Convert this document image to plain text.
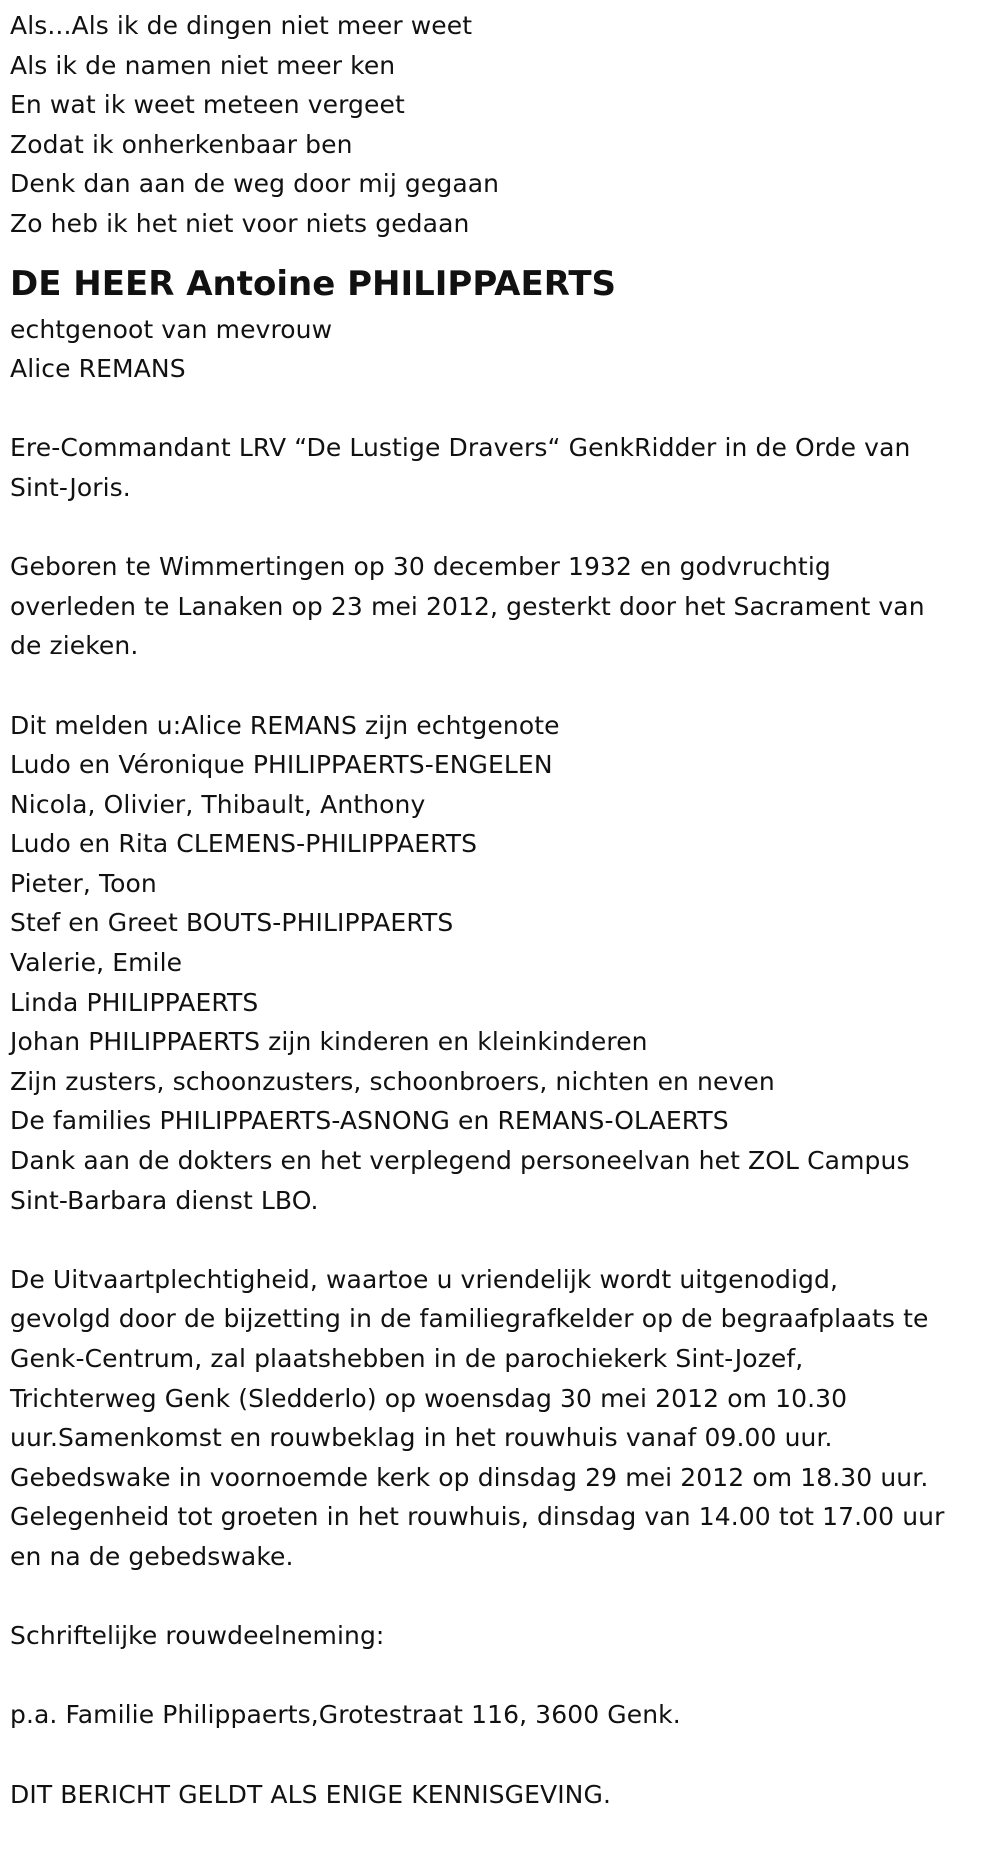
Als...Als ik de dingen niet meer weet

Als ik de namen niet meer ken

En wat ik weet meteen vergeet

Zodat ik onherkenbaar ben

Denk dan aan de weg door mij gegaan

Zo heb ik het niet voor niets gedaan

DE HEER Antoine PHILIPPAERTS

echtgenoot van mevrouw

Alice REMANS

Ere-Commandant LRV “De Lustige Dravers“ GenkRidder in de Orde van

Sint-Joris.

Geboren te Wimmertingen op 30 december 1932 en godvruchtig

overleden te Lanaken op 23 mei 2012, gesterkt door het Sacrament van

de zieken.

Dit melden u:Alice REMANS zijn echtgenote

Ludo en Véronique PHILIPPAERTS-ENGELEN

Nicola, Olivier, Thibault, Anthony

Ludo en Rita CLEMENS-PHILIPPAERTS

Pieter, Toon

Stef en Greet BOUTS-PHILIPPAERTS

Valerie, Emile

Linda PHILIPPAERTS

Johan PHILIPPAERTS zijn kinderen en kleinkinderen

Zijn zusters, schoonzusters, schoonbroers, nichten en neven

De families PHILIPPAERTS-ASNONG en REMANS-OLAERTS

Dank aan de dokters en het verplegend personeelvan het ZOL Campus

Sint-Barbara dienst LBO.

De Uitvaartplechtigheid, waartoe u vriendelijk wordt uitgenodigd,

gevolgd door de bijzetting in de familiegrafkelder op de begraafplaats te

Genk-Centrum, zal plaatshebben in de parochiekerk Sint-Jozef,

Trichterweg Genk (Sledderlo) op woensdag 30 mei 2012 om 10.30

uur.Samenkomst en rouwbeklag in het rouwhuis vanaf 09.00 uur.

Gebedswake in voornoemde kerk op dinsdag 29 mei 2012 om 18.30 uur.

Gelegenheid tot groeten in het rouwhuis, dinsdag van 14.00 tot 17.00 uur

en na de gebedswake.

Schriftelijke rouwdeelneming:

p.a. Familie Philippaerts,Grotestraat 116, 3600 Genk.

DIT BERICHT GELDT ALS ENIGE KENNISGEVING.
